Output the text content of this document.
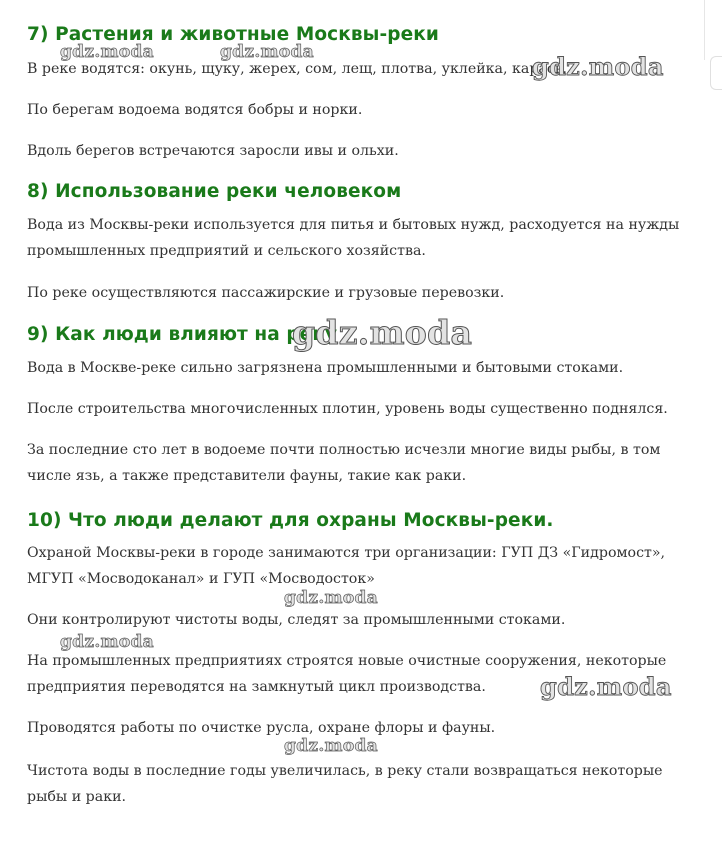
7) Растения и животные Москвы-реки

В реке водятся: окунь, щуку, жерех, сом, лещ, плотва, уклейка, карась.

По берегам водоема водятся бобры и норки.

Вдоль берегов встречаются заросли ивы и ольхи.

8) Использование реки человеком

Вода из Москвы-реки используется для питья и бытовых нужд, расходуется на нужды промышленных предприятий и сельского хозяйства.

По реке осуществляются пассажирские и грузовые перевозки.

9) Как люди влияют на реку

Вода в Москве-реке сильно загрязнена промышленными и бытовыми стоками.

После строительства многочисленных плотин, уровень воды существенно поднялся.

За последние сто лет в водоеме почти полностью исчезли многие виды рыбы, в том числе язь, а также представители фауны, такие как раки.

10) Что люди делают для охраны Москвы-реки.

Охраной Москвы-реки в городе занимаются три организации: ГУП ДЗ «Гидромост», МГУП «Мосводоканал» и ГУП «Мосводосток»

Они контролируют чистоты воды, следят за промышленными стоками.

На промышленных предприятиях строятся новые очистные сооружения, некоторые предприятия переводятся на замкнутый цикл производства.

Проводятся работы по очистке русла, охране флоры и фауны.

Чистота воды в последние годы увеличилась, в реку стали возвращаться некоторые рыбы и раки.

gdz.moda	gdz.moda	gdz.moda
gdz.moda
gdz.moda
gdz.moda
gdz.moda
gdz.moda
